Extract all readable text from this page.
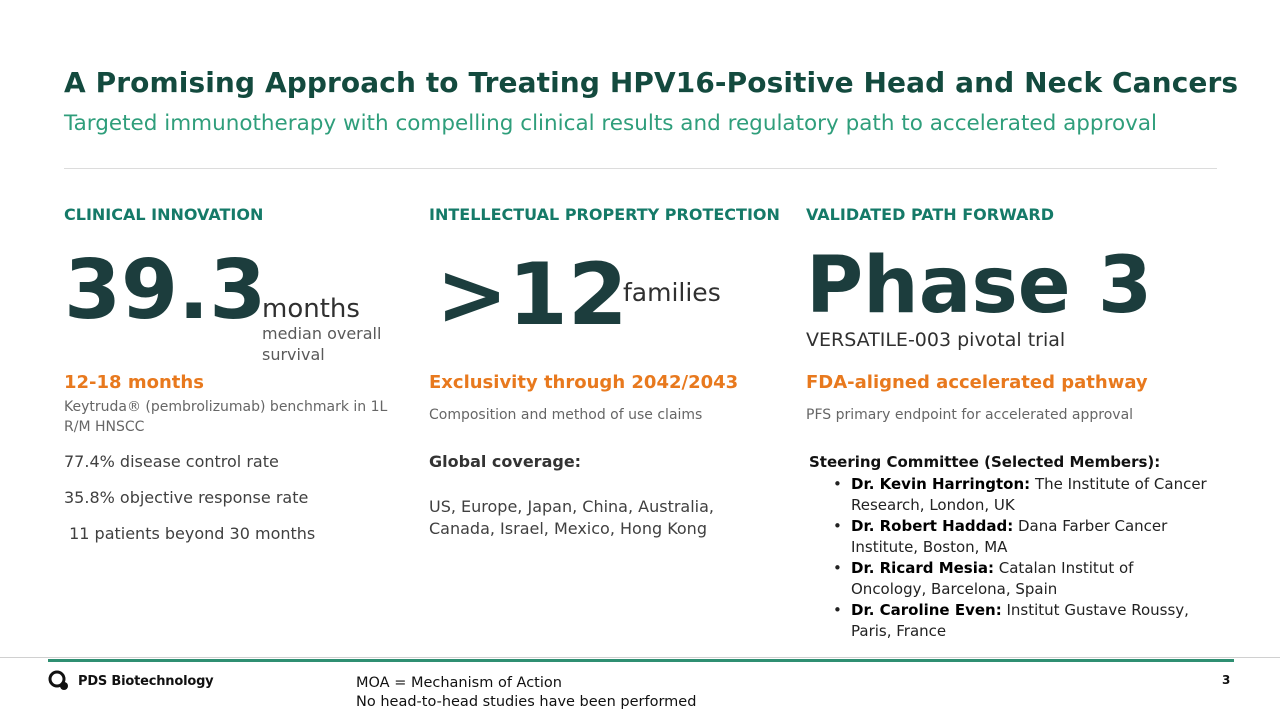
A Promising Approach to Treating HPV16-Positive Head and Neck Cancers
Targeted immunotherapy with compelling clinical results and regulatory path to accelerated approval
CLINICAL INNOVATION
39.3
months
median overall survival
12-18 months
Keytruda® (pembrolizumab) benchmark in 1L R/M HNSCC
77.4% disease control rate
35.8% objective response rate
11 patients beyond 30 months
INTELLECTUAL PROPERTY PROTECTION
>12
families
Exclusivity through 2042/2043
Composition and method of use claims
Global coverage:
US, Europe, Japan, China, Australia, Canada, Israel, Mexico, Hong Kong
VALIDATED PATH FORWARD
Phase 3
VERSATILE-003 pivotal trial
FDA-aligned accelerated pathway
PFS primary endpoint for accelerated approval
Steering Committee (Selected Members):
• Dr. Kevin Harrington: The Institute of Cancer Research, London, UK
• Dr. Robert Haddad: Dana Farber Cancer Institute, Boston, MA
• Dr. Ricard Mesia: Catalan Institut of Oncology, Barcelona, Spain
• Dr. Caroline Even: Institut Gustave Roussy, Paris, France
PDS Biotechnology	MOA = Mechanism of Action
No head-to-head studies have been performed
3
